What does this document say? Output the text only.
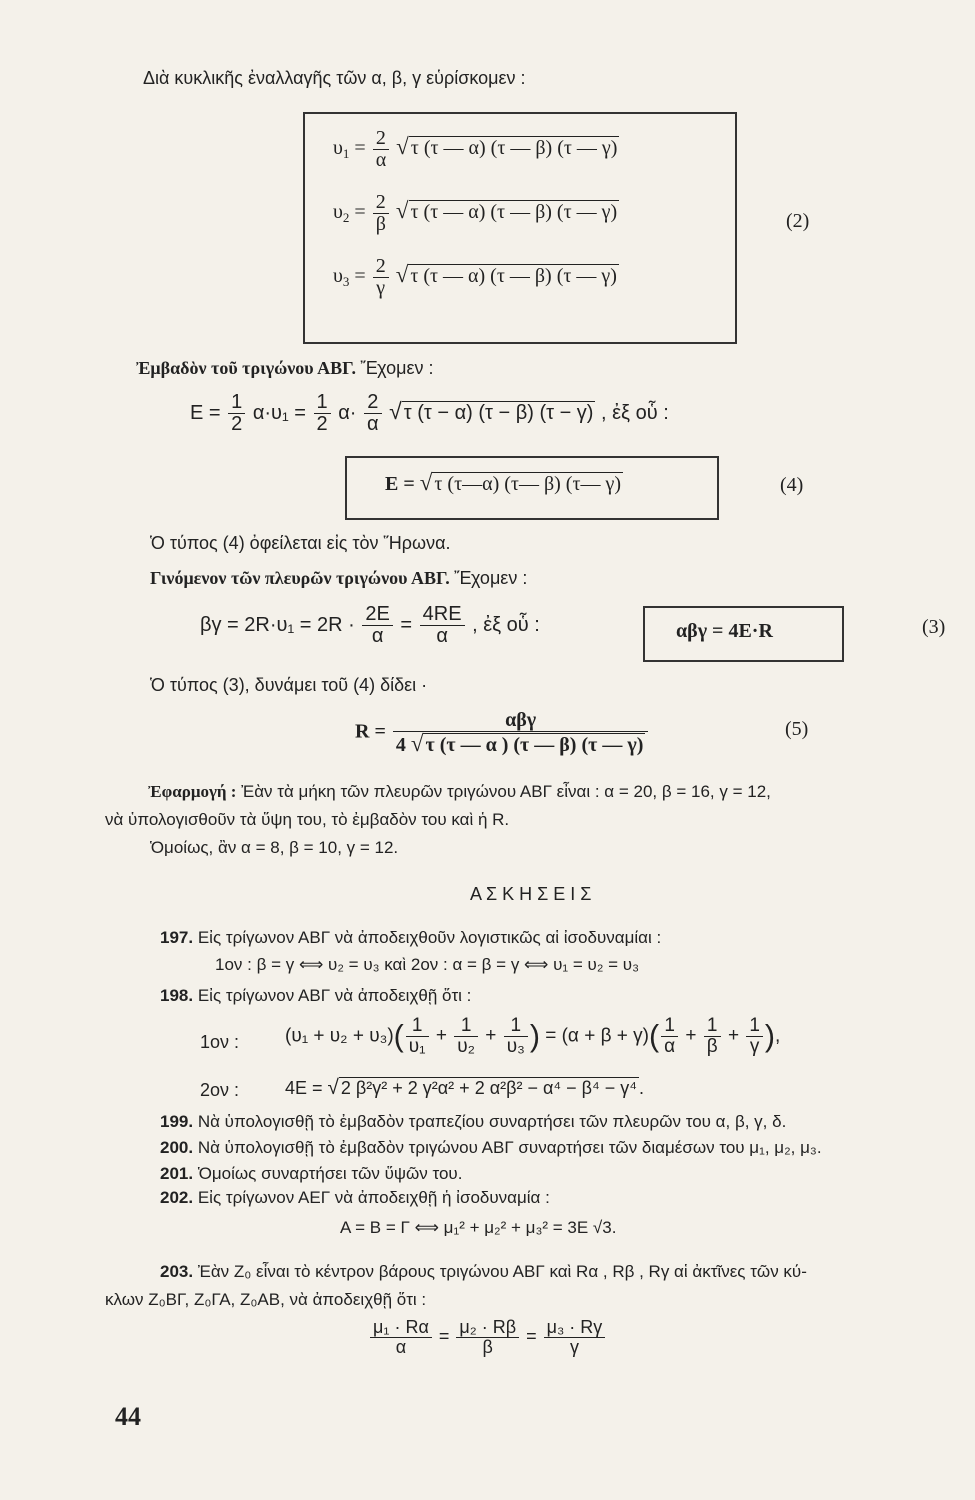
Διὰ κυκλικῆς ἐναλλαγῆς τῶν α, β, γ εὑρίσκομεν :
$\upsilon_1 = \frac{2}{\alpha}$ √ τ (τ — α) (τ — β) (τ — γ)
$\upsilon_2 = \frac{2}{\beta}$ √ τ (τ — α) (τ — β) (τ — γ)
$\upsilon_3 = \frac{2}{\gamma}$ √ τ (τ — α) (τ — β) (τ — γ)
(2)
Ἐμβαδὸν τοῦ τριγώνου ΑΒΓ. Ἔχομεν :
$E = \frac{1}{2} \alpha\cdot\upsilon_1 = \frac{1}{2} \alpha\cdot \frac{2}{\alpha}$ √ τ (τ − α) (τ − β) (τ − γ) , ἐξ οὗ :
Ε = √ τ (τ—α) (τ— β) (τ— γ)	(4)
Ὁ τύπος (4) ὀφείλεται εἰς τὸν Ἥρωνα.
Γινόμενον τῶν πλευρῶν τριγώνου ΑΒΓ. Ἔχομεν :
$\beta\gamma = 2R\cdot\upsilon_1 = 2R \cdot \frac{2E}{\alpha} = \frac{4RE}{\alpha}$ , ἐξ οὗ :	αβγ = 4E·R	(3)
Ὁ τύπος (3), δυνάμει τοῦ (4) δίδει ·
$R = \frac{\text{αβγ}}{4 √ \tau (\tau — \alpha ) (\tau — \beta) (\tau — \gamma)}$	(5)
Ἐφαρμογή : Ἐὰν τὰ μήκη τῶν πλευρῶν τριγώνου ΑΒΓ εἶναι : α = 20, β = 16, γ = 12,
νὰ ὑπολογισθοῦν τὰ ὕψη του, τὸ ἐμβαδὸν του καὶ ἡ R.
Ὁμοίως, ἂν α = 8, β = 10, γ = 12.
Α Σ Κ Η Σ Ε Ι Σ
197. Εἰς τρίγωνον ΑΒΓ νὰ ἀποδειχθοῦν λογιστικῶς αἱ ἰσοδυναμίαι :
1ον : β = γ ⟺ υ₂ = υ₃ καὶ 2ον : α = β = γ ⟺ υ₁ = υ₂ = υ₃
198. Εἰς τρίγωνον ΑΒΓ νὰ ἀποδειχθῇ ὅτι :
1ον : $(\upsilon_1 + \upsilon_2 + \upsilon_3)( \frac{1}{\text{υ₁}} + \frac{1}{\text{υ₂}} + \frac{1}{\text{υ₃}}$ ) = $(\alpha + \beta + \gamma)( \frac{1}{\alpha} + \frac{1}{\beta} + \frac{1}{\gamma}$ ),
2ον :	4E = √ 2 β²γ² + 2 γ²α² + 2 α²β² − α⁴ − β⁴ − γ⁴ .
199. Νὰ ὑπολογισθῇ τὸ ἐμβαδὸν τραπεζίου συναρτήσει τῶν πλευρῶν του α, β, γ, δ.
200. Νὰ ὑπολογισθῇ τὸ ἐμβαδὸν τριγώνου ΑΒΓ συναρτήσει τῶν διαμέσων του μ₁, μ₂, μ₃.
201. Ὁμοίως συναρτήσει τῶν ὕψῶν του.
202. Εἰς τρίγωνον ΑΕΓ νὰ ἀποδειχθῇ ἡ ἰσοδυναμία :
Α = Β = Γ ⟺ μ₁² + μ₂² + μ₃² = 3Ε √3.
203. Ἐὰν Ζ₀ εἶναι τὸ κέντρον βάρους τριγώνου ΑΒΓ καὶ Rα , Rβ , Rγ αἱ ἀκτῖνες τῶν κύ-
κλων Ζ₀ΒΓ, Ζ₀ΓΑ, Ζ₀ΑΒ, νὰ ἀποδειχθῇ ὅτι :
$\frac{\text{μ₁ · Rα}}{\alpha} = \frac{\text{μ₂ · Rβ}}{\beta} = \frac{\text{μ₃ · Rγ}}{\gamma}$
44
